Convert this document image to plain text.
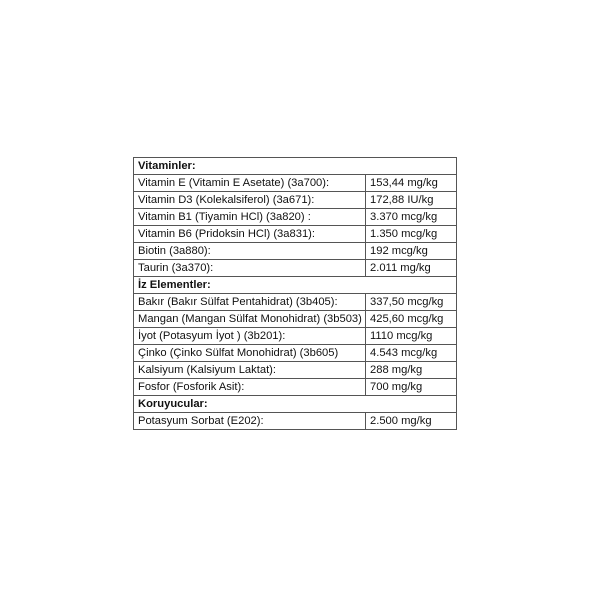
Vitaminler:	
Vitamin E (Vitamin E Asetate) (3a700):	153,44 mg/kg
Vitamin D3 (Kolekalsiferol) (3a671):	172,88 IU/kg
Vitamin B1 (Tiyamin HCl) (3a820) :	3.370 mcg/kg
Vitamin B6 (Pridoksin HCl) (3a831):	1.350 mcg/kg
Biotin (3a880):	192 mcg/kg
Taurin (3a370):	2.011 mg/kg
İz Elementler:	
Bakır (Bakır Sülfat Pentahidrat) (3b405):	337,50 mcg/kg
Mangan (Mangan Sülfat Monohidrat) (3b503)	425,60 mcg/kg
İyot (Potasyum İyot ) (3b201):	1110 mcg/kg
Çinko (Çinko Sülfat Monohidrat) (3b605)	4.543 mcg/kg
Kalsiyum (Kalsiyum Laktat):	288 mg/kg
Fosfor (Fosforik Asit):	700 mg/kg
Koruyucular:	
Potasyum Sorbat (E202):	2.500 mg/kg
